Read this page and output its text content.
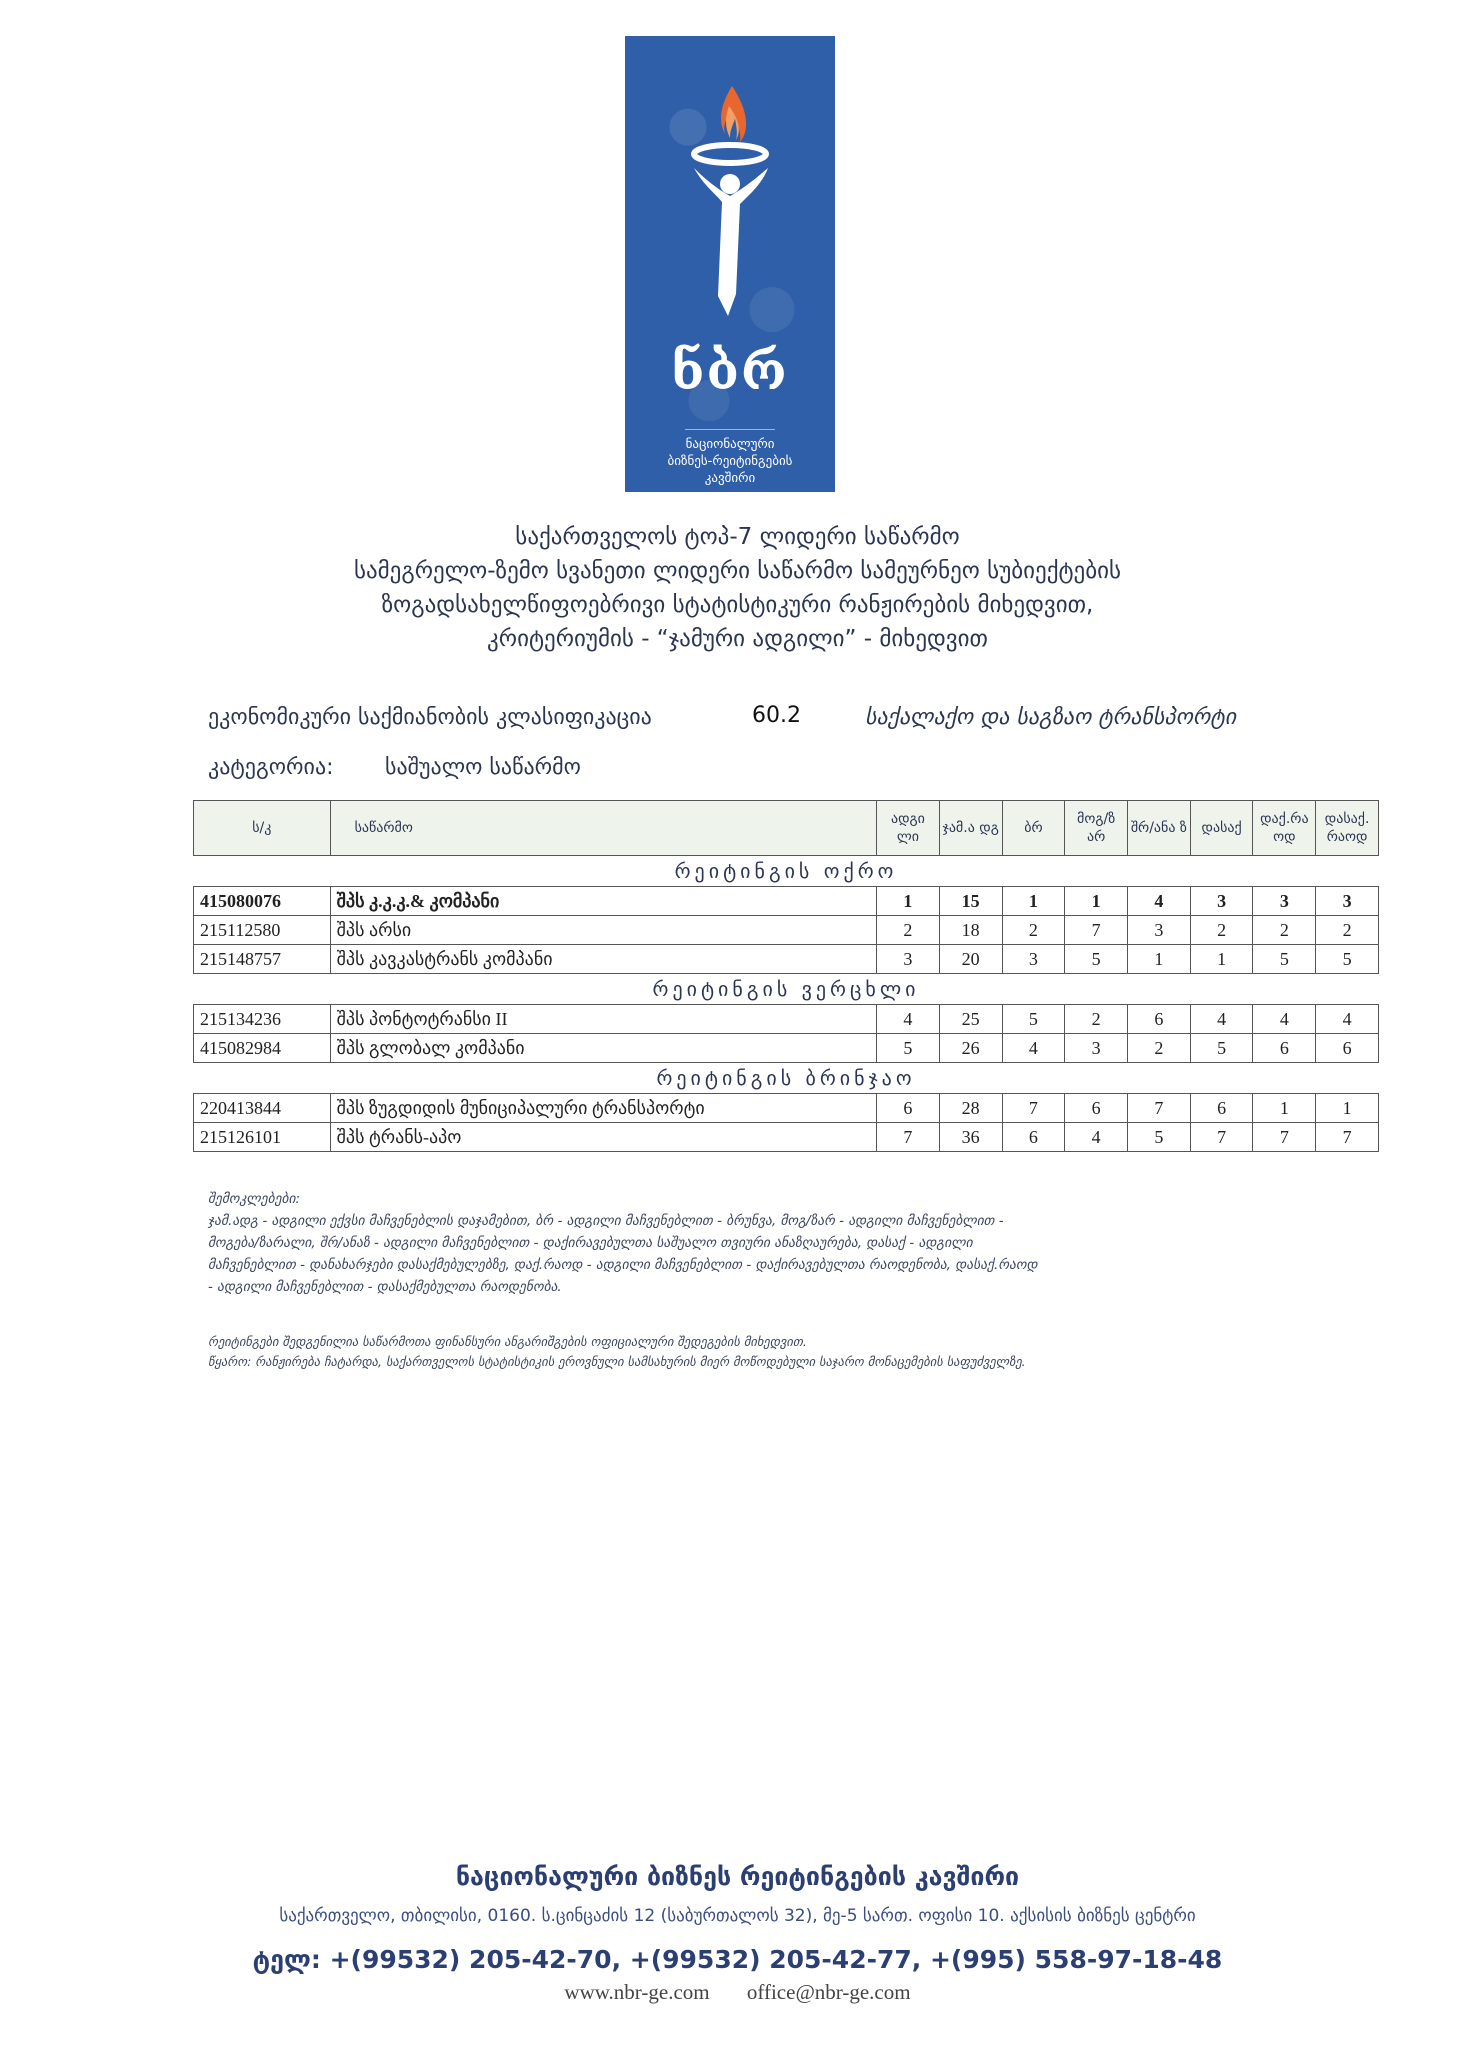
ნბრ
ნაციონალური
ბიზნეს-რეიტინგების
კავშირი
საქართველოს ტოპ-7 ლიდერი საწარმო
სამეგრელო-ზემო სვანეთი ლიდერი საწარმო სამეურნეო სუბიექტების
ზოგადსახელწიფოებრივი სტატისტიკური რანჟირების მიხედვით,
კრიტერიუმის - “ჯამური ადგილი” - მიხედვით
ეკონომიკური საქმიანობის კლასიფიკაცია	60.2	საქალაქო და საგზაო ტრანსპორტი
კატეგორია: საშუალო საწარმო
ს/კ	საწარმო	ადგი ლი	ჯამ.ა დგ	ბრ	მოგ/ზ არ	შრ/ანა ზ	დასაქ	დაქ.რა ოდ	დასაქ. რაოდ
რეიტინგის ოქრო									
415080076	შპს კ.კ.კ.& კომპანი	1	15	1	1	4	3	3	3
215112580	შპს არსი	2	18	2	7	3	2	2	2
215148757	შპს კავკასტრანს კომპანი	3	20	3	5	1	1	5	5
რეიტინგის ვერცხლი									
215134236	შპს პონტოტრანსი II	4	25	5	2	6	4	4	4
415082984	შპს გლობალ კომპანი	5	26	4	3	2	5	6	6
რეიტინგის ბრინჯაო									
220413844	შპს ზუგდიდის მუნიციპალური ტრანსპორტი	6	28	7	6	7	6	1	1
215126101	შპს ტრანს-აპო	7	36	6	4	5	7	7	7
შემოკლებები:
ჯამ.ადგ - ადგილი ექვსი მაჩვენებლის დაჯამებით, ბრ - ადგილი მაჩვენებლით - ბრუნვა, მოგ/ზარ - ადგილი მაჩვენებლით -
მოგება/ზარალი, შრ/ანაზ - ადგილი მაჩვენებლით - დაქირავებულთა საშუალო თვიური ანაზღაურება, დასაქ - ადგილი
მაჩვენებლით - დანახარჯები დასაქმებულებზე, დაქ.რაოდ - ადგილი მაჩვენებლით - დაქირავებულთა რაოდენობა, დასაქ.რაოდ
- ადგილი მაჩვენებლით - დასაქმებულთა რაოდენობა.
რეიტინგები შედგენილია საწარმოთა ფინანსური ანგარიშგების ოფიციალური შედეგების მიხედვით.
წყარო: რანჟირება ჩატარდა, საქართველოს სტატისტიკის ეროვნული სამსახურის მიერ მოწოდებული საჯარო მონაცემების საფუძველზე.
ნაციონალური ბიზნეს რეიტინგების კავშირი
საქართველო, თბილისი, 0160. ს.ცინცაძის 12 (საბურთალოს 32), მე-5 სართ. ოფისი 10. აქსისის ბიზნეს ცენტრი
ტელ: +(99532) 205-42-70, +(99532) 205-42-77, +(995) 558-97-18-48
www.nbr-ge.com office@nbr-ge.com
